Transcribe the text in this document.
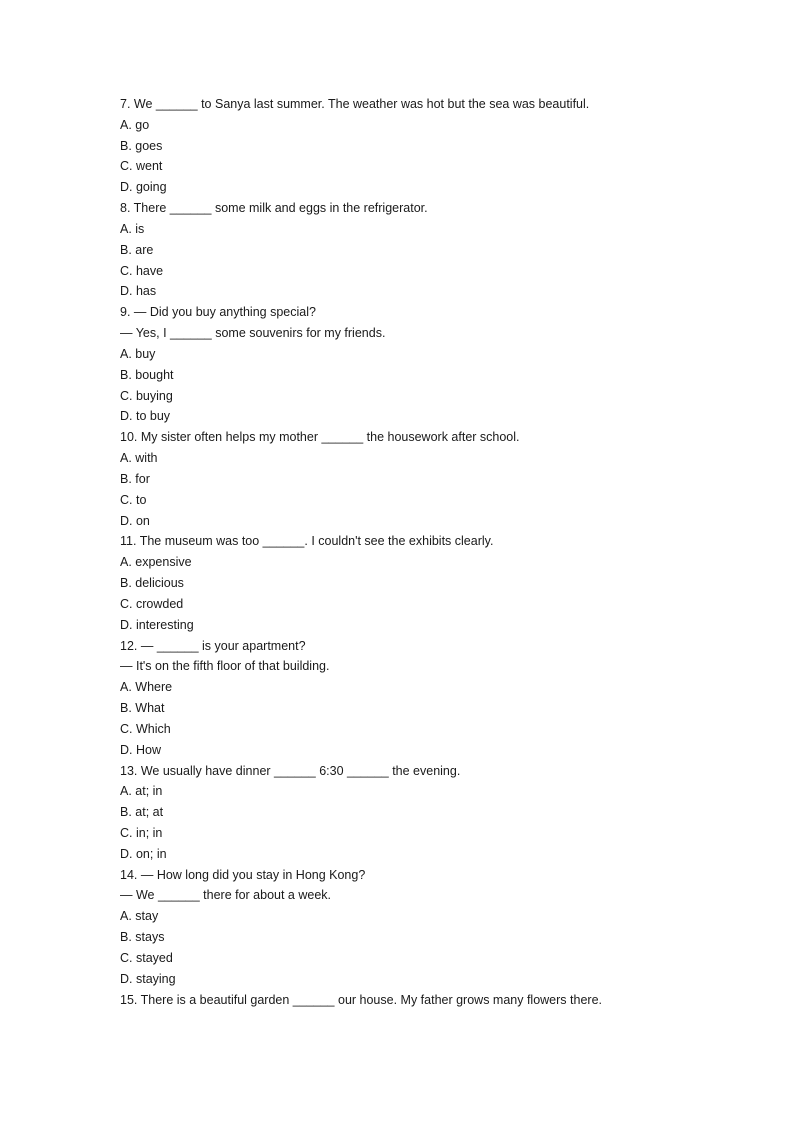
7. We ______ to Sanya last summer. The weather was hot but the sea was beautiful.
A. go
B. goes
C. went
D. going
8. There ______ some milk and eggs in the refrigerator.
A. is
B. are
C. have
D. has
9. — Did you buy anything special?
— Yes, I ______ some souvenirs for my friends.
A. buy
B. bought
C. buying
D. to buy
10. My sister often helps my mother ______ the housework after school.
A. with
B. for
C. to
D. on
11. The museum was too ______. I couldn't see the exhibits clearly.
A. expensive
B. delicious
C. crowded
D. interesting
12. — ______ is your apartment?
— It's on the fifth floor of that building.
A. Where
B. What
C. Which
D. How
13. We usually have dinner ______ 6:30 ______ the evening.
A. at; in
B. at; at
C. in; in
D. on; in
14. — How long did you stay in Hong Kong?
— We ______ there for about a week.
A. stay
B. stays
C. stayed
D. staying
15. There is a beautiful garden ______ our house. My father grows many flowers there.
